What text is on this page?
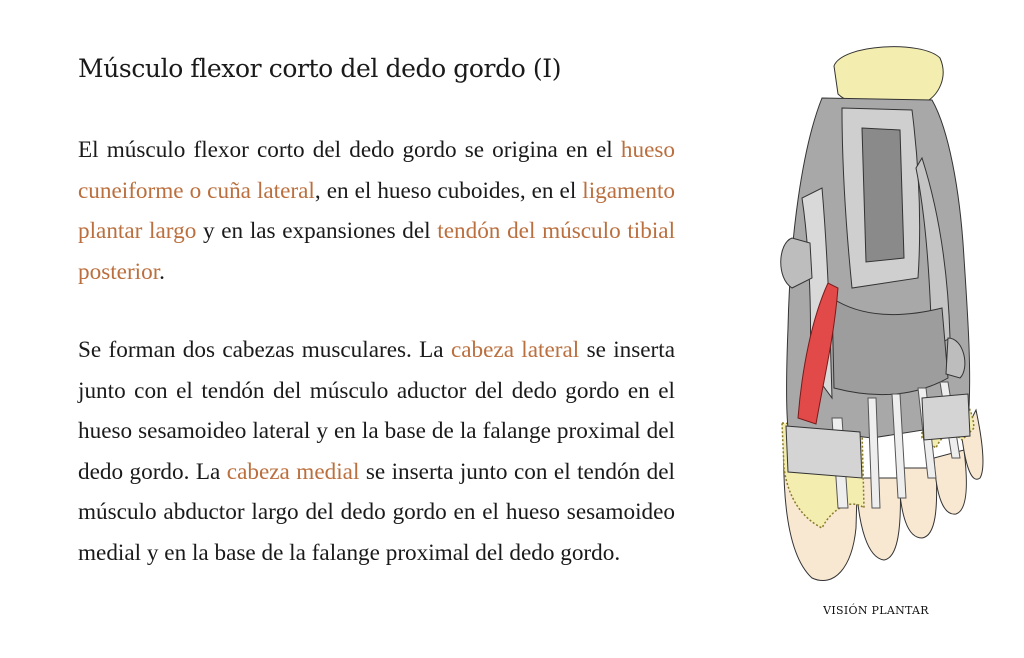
Músculo flexor corto del dedo gordo (I)

El músculo flexor corto del dedo gordo se origina en el hueso cuneiforme o cuña lateral, en el hueso cuboides, en el ligamento plantar largo y en las expansiones del tendón del músculo tibial posterior.

Se forman dos cabezas musculares. La cabeza lateral se inserta junto con el tendón del músculo aductor del dedo gordo en el hueso sesamoideo lateral y en la base de la falange proximal del dedo gordo. La cabeza medial se inserta junto con el tendón del músculo abductor largo del dedo gordo en el hueso sesamoideo medial y en la base de la falange proximal del dedo gordo.

VISIÓN PLANTAR
